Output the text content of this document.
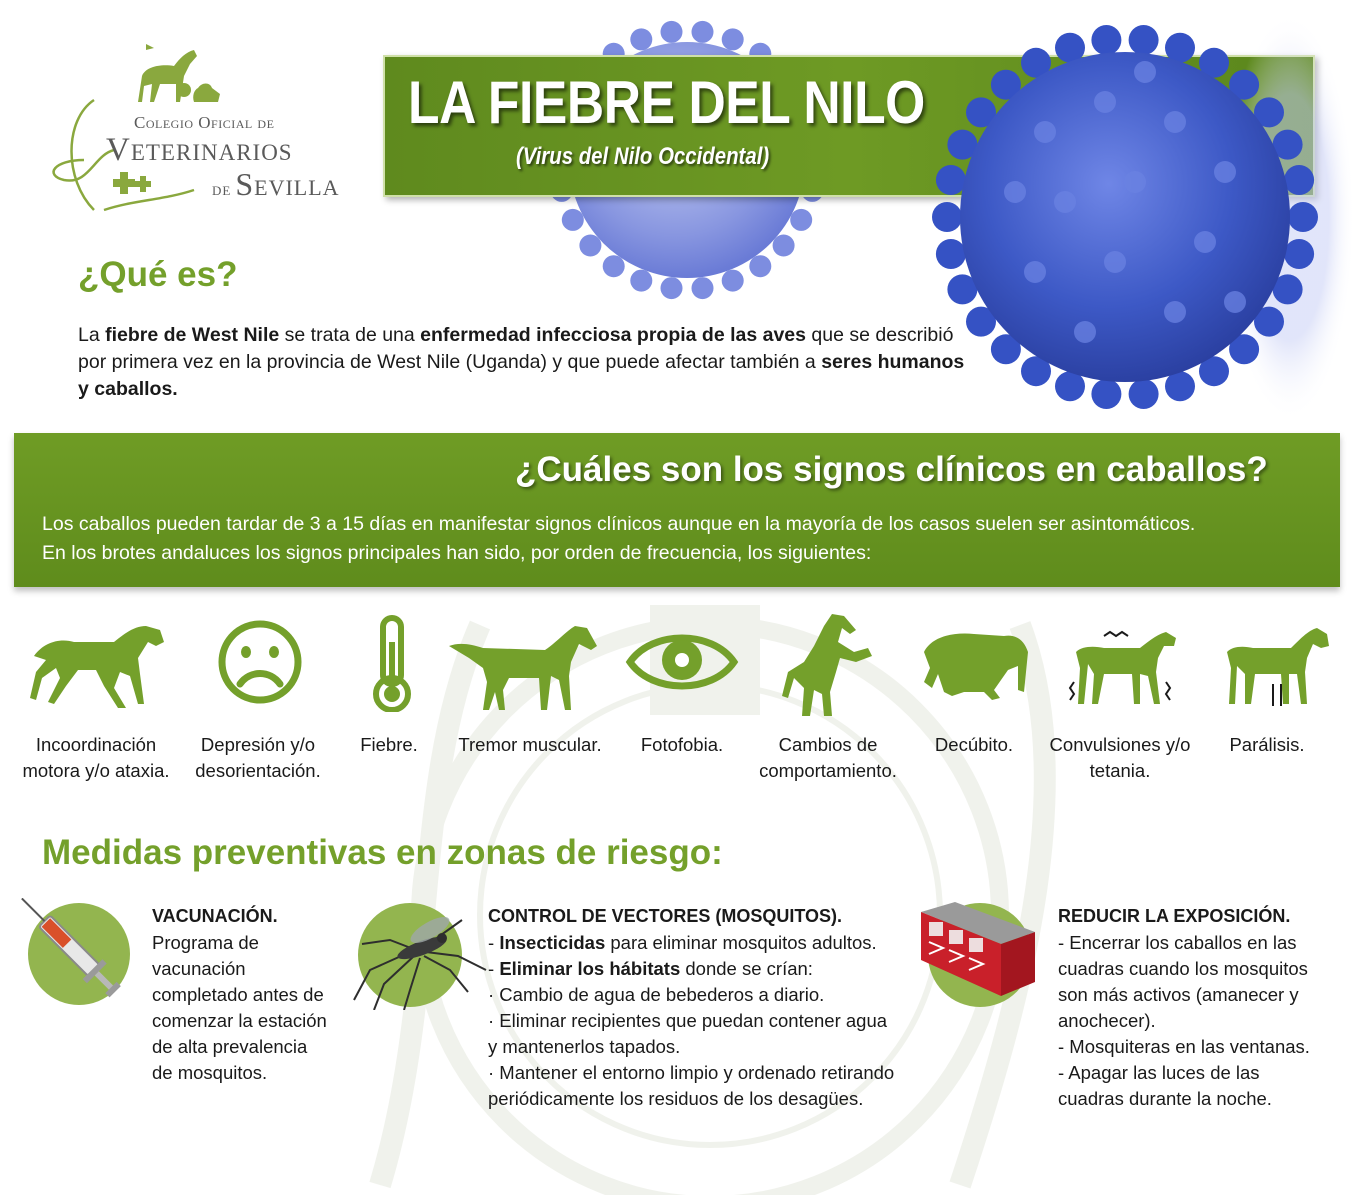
Colegio Oficial de
Veterinarios
de Sevilla
LA FIEBRE DEL NILO
(Virus del Nilo Occidental)
¿Qué es?
La fiebre de West Nile se trata de una enfermedad infecciosa propia de las aves que se describió por primera vez en la provincia de West Nile (Uganda) y que puede afectar también a seres humanos y caballos.
¿Cuáles son los signos clínicos en caballos?
Los caballos pueden tardar de 3 a 15 días en manifestar signos clínicos aunque en la mayoría de los casos suelen ser asintomáticos.
En los brotes andaluces los signos principales han sido, por orden de frecuencia, los siguientes:
Incoordinación motora y/o ataxia.
Depresión y/o desorientación.
Fiebre.	Tremor muscular.	Fotofobia.	Cambios de comportamiento.
Decúbito.	Convulsiones y/o tetania.
Parálisis.
Medidas preventivas en zonas de riesgo:
VACUNACIÓN.
Programa de vacunación completado antes de comenzar la estación de alta prevalencia de mosquitos.
CONTROL DE VECTORES (MOSQUITOS).
- Insecticidas para eliminar mosquitos adultos.
- Eliminar los hábitats donde se crían:
· Cambio de agua de bebederos a diario.
· Eliminar recipientes que puedan contener agua y mantenerlos tapados.
· Mantener el entorno limpio y ordenado retirando periódicamente los residuos de los desagües.
REDUCIR LA EXPOSICIÓN.
- Encerrar los caballos en las cuadras cuando los mosquitos son más activos (amanecer y anochecer).
- Mosquiteras en las ventanas.
- Apagar las luces de las cuadras durante la noche.
